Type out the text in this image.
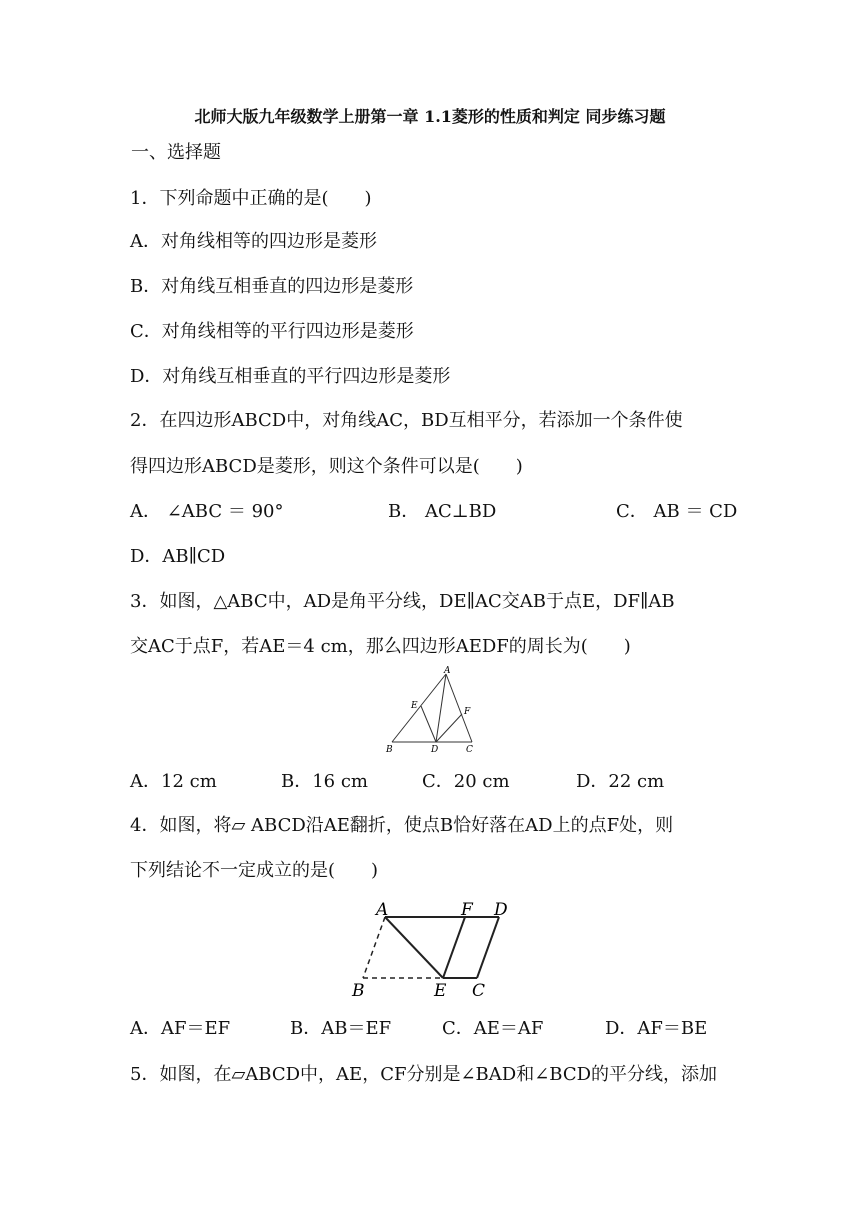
北师大版九年级数学上册第一章 1.1菱形的性质和判定 同步练习题
一、选择题
1．下列命题中正确的是(　　)
A．对角线相等的四边形是菱形
B．对角线互相垂直的四边形是菱形
C．对角线相等的平行四边形是菱形
D．对角线互相垂直的平行四边形是菱形
2．在四边形ABCD中，对角线AC，BD互相平分，若添加一个条件使
得四边形ABCD是菱形，则这个条件可以是(　　)
A． ∠ABC ＝ 90°	B． AC⊥BD	C． AB ＝ CD
D．AB∥CD
3．如图，△ABC中，AD是角平分线，DE∥AC交AB于点E，DF∥AB
交AC于点F，若AE＝4 cm，那么四边形AEDF的周长为(　　)
A
E
F
B	D	C
A．12 cm	B．16 cm	C．20 cm	D．22 cm
4．如图，将▱ ABCD沿AE翻折，使点B恰好落在AD上的点F处，则
下列结论不一定成立的是(　　)
A	F D
B	E C
A．AF＝EF	B．AB＝EF	C．AE＝AF	D．AF＝BE
5．如图，在▱ABCD中，AE，CF分别是∠BAD和∠BCD的平分线，添加
